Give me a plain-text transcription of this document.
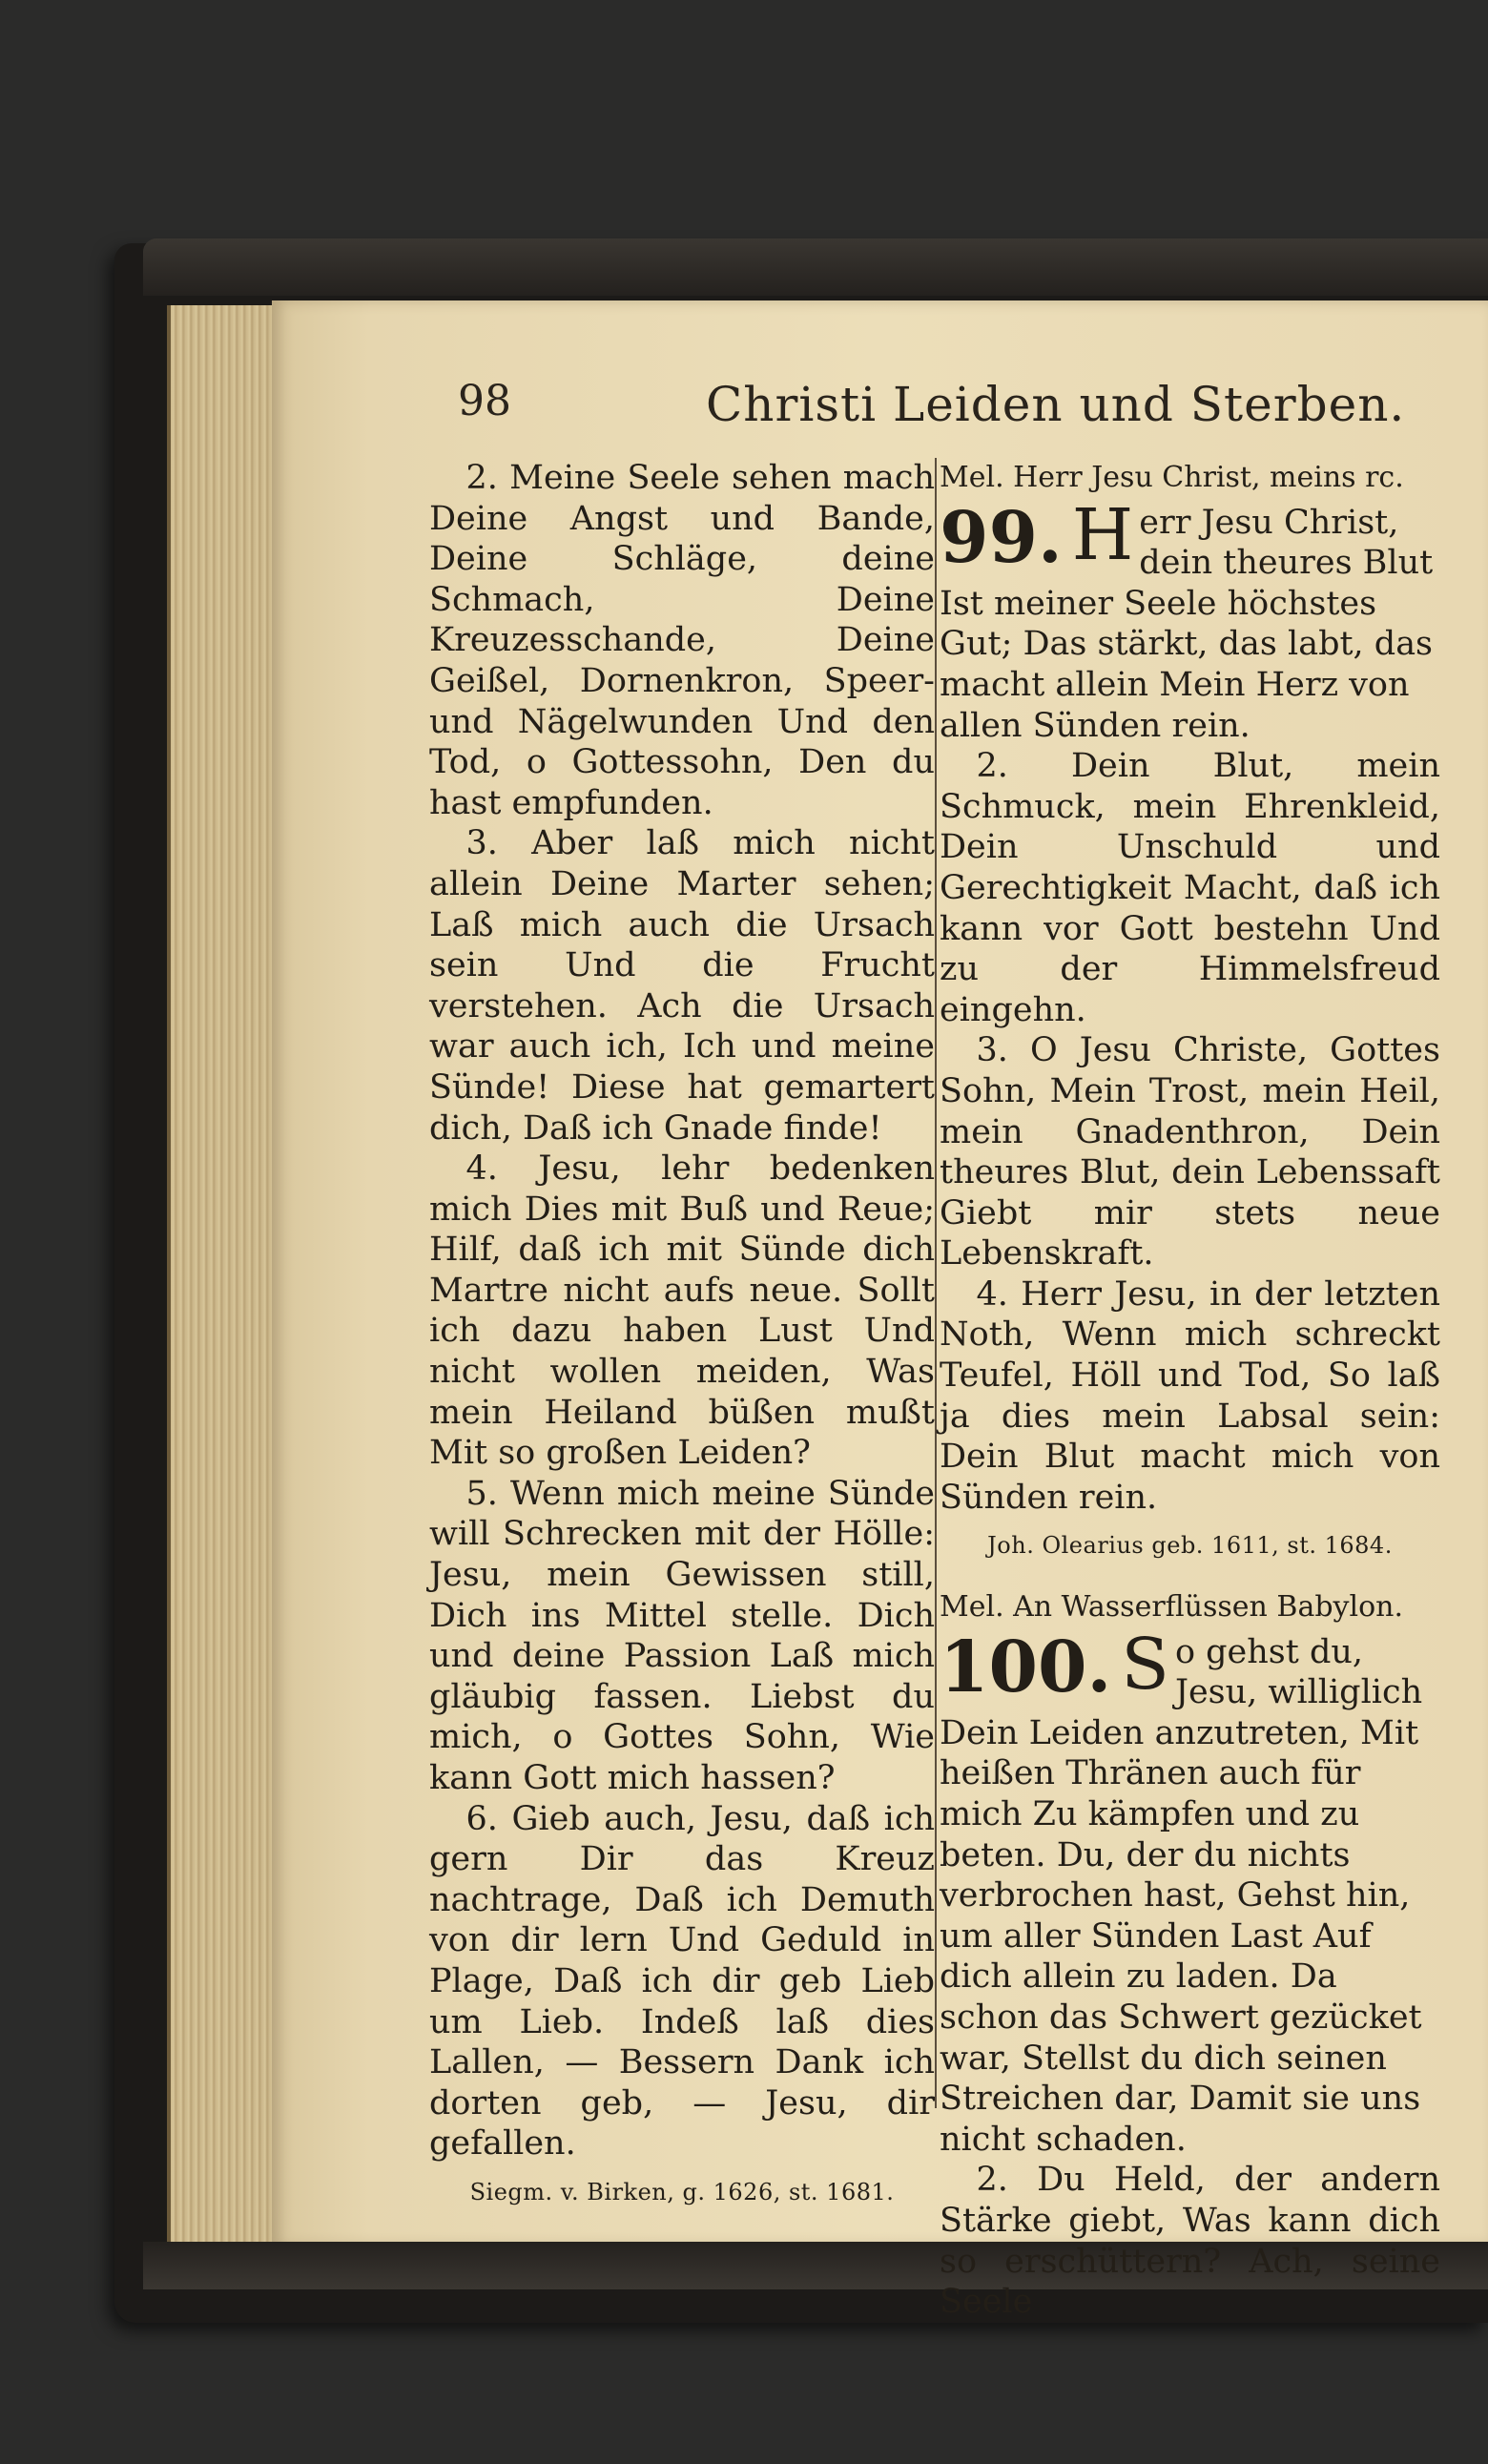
98	Christi Leiden und Sterben.

2. Meine Seele sehen mach Deine Angst und Bande, Deine Schläge, deine Schmach, Deine Kreuzesschande, Deine Geißel, Dornenkron, Speer- und Nägelwunden Und den Tod, o Gottessohn, Den du hast empfunden.

3. Aber laß mich nicht allein Deine Marter sehen; Laß mich auch die Ursach sein Und die Frucht verstehen. Ach die Ursach war auch ich, Ich und meine Sünde! Diese hat gemartert dich, Daß ich Gnade finde!

4. Jesu, lehr bedenken mich Dies mit Buß und Reue; Hilf, daß ich mit Sünde dich Martre nicht aufs neue. Sollt ich dazu haben Lust Und nicht wollen meiden, Was mein Heiland büßen mußt Mit so großen Leiden?

5. Wenn mich meine Sünde will Schrecken mit der Hölle: Jesu, mein Gewissen still, Dich ins Mittel stelle. Dich und deine Passion Laß mich gläubig fassen. Liebst du mich, o Gottes Sohn, Wie kann Gott mich hassen?

6. Gieb auch, Jesu, daß ich gern Dir das Kreuz nachtrage, Daß ich Demuth von dir lern Und Geduld in Plage, Daß ich dir geb Lieb um Lieb. Indeß laß dies Lallen, — Bessern Dank ich dorten geb, — Jesu, dir gefallen.

Siegm. v. Birken, g. 1626, st. 1681.
Mel. Herr Jesu Christ, meins rc.
99. H err Jesu Christ, dein theures Blut Ist meiner Seele höchstes Gut; Das stärkt, das labt, das macht allein Mein Herz von allen Sünden rein.

2. Dein Blut, mein Schmuck, mein Ehrenkleid, Dein Unschuld und Gerechtigkeit Macht, daß ich kann vor Gott bestehn Und zu der Himmelsfreud eingehn.

3. O Jesu Christe, Gottes Sohn, Mein Trost, mein Heil, mein Gnadenthron, Dein theures Blut, dein Lebenssaft Giebt mir stets neue Lebenskraft.

4. Herr Jesu, in der letzten Noth, Wenn mich schreckt Teufel, Höll und Tod, So laß ja dies mein Labsal sein: Dein Blut macht mich von Sünden rein.

Joh. Olearius geb. 1611, st. 1684.
Mel. An Wasserflüssen Babylon.
100. S o gehst du, Jesu, williglich Dein Leiden anzutreten, Mit heißen Thränen auch für mich Zu kämpfen und zu beten. Du, der du nichts verbrochen hast, Gehst hin, um aller Sünden Last Auf dich allein zu laden. Da schon das Schwert gezücket war, Stellst du dich seinen Streichen dar, Damit sie uns nicht schaden.

2. Du Held, der andern Stärke giebt, Was kann dich so erschüttern? Ach, seine Seele
